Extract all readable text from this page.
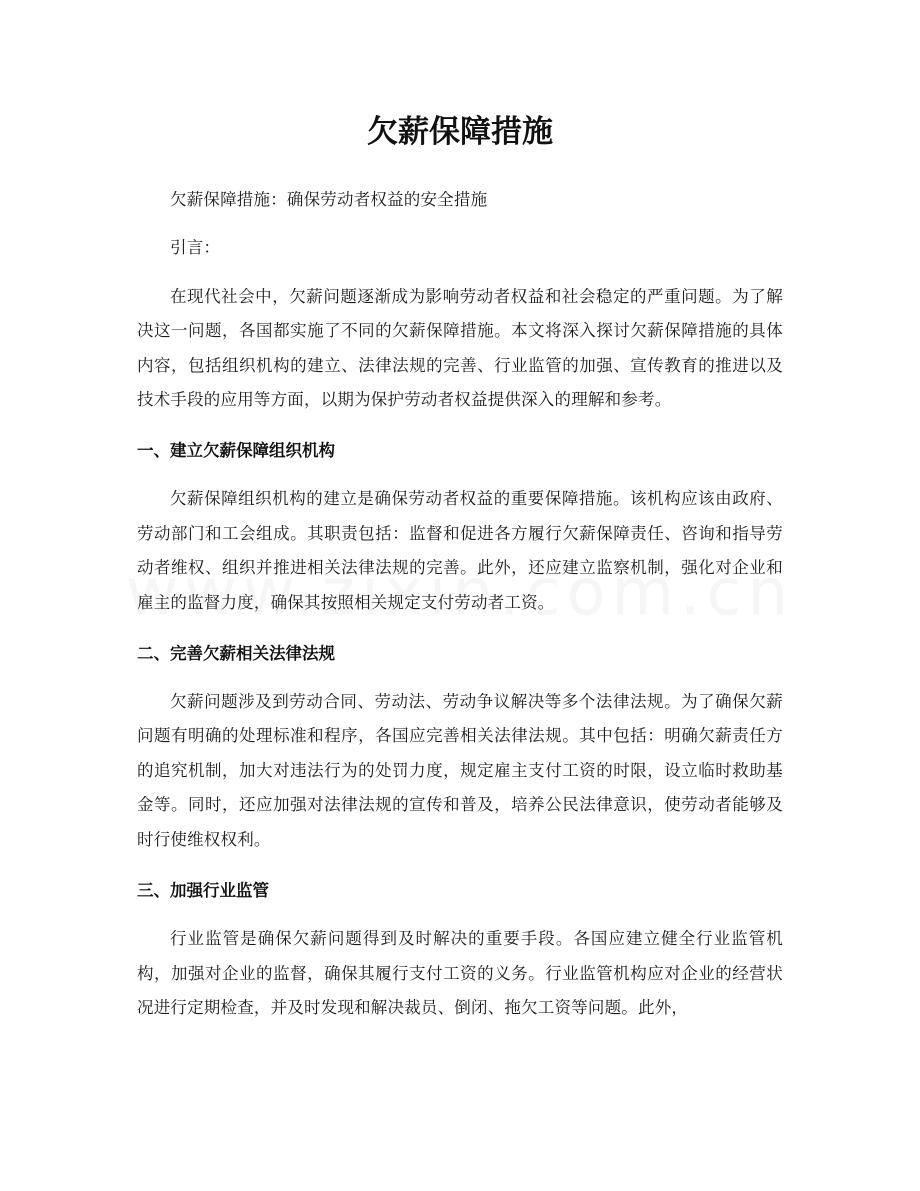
欠薪保障措施

欠薪保障措施：确保劳动者权益的安全措施

引言：

在现代社会中，欠薪问题逐渐成为影响劳动者权益和社会稳定的严重问题。为了解决这一问题，各国都实施了不同的欠薪保障措施。本文将深入探讨欠薪保障措施的具体内容，包括组织机构的建立、法律法规的完善、行业监管的加强、宣传教育的推进以及技术手段的应用等方面，以期为保护劳动者权益提供深入的理解和参考。

一、建立欠薪保障组织机构

欠薪保障组织机构的建立是确保劳动者权益的重要保障措施。该机构应该由政府、劳动部门和工会组成。其职责包括：监督和促进各方履行欠薪保障责任、咨询和指导劳动者维权、组织并推进相关法律法规的完善。此外，还应建立监察机制，强化对企业和雇主的监督力度，确保其按照相关规定支付劳动者工资。

二、完善欠薪相关法律法规

欠薪问题涉及到劳动合同、劳动法、劳动争议解决等多个法律法规。为了确保欠薪问题有明确的处理标准和程序，各国应完善相关法律法规。其中包括：明确欠薪责任方的追究机制，加大对违法行为的处罚力度，规定雇主支付工资的时限，设立临时救助基金等。同时，还应加强对法律法规的宣传和普及，培养公民法律意识，使劳动者能够及时行使维权权利。

三、加强行业监管

行业监管是确保欠薪问题得到及时解决的重要手段。各国应建立健全行业监管机构，加强对企业的监督，确保其履行支付工资的义务。行业监管机构应对企业的经营状况进行定期检查，并及时发现和解决裁员、倒闭、拖欠工资等问题。此外，
